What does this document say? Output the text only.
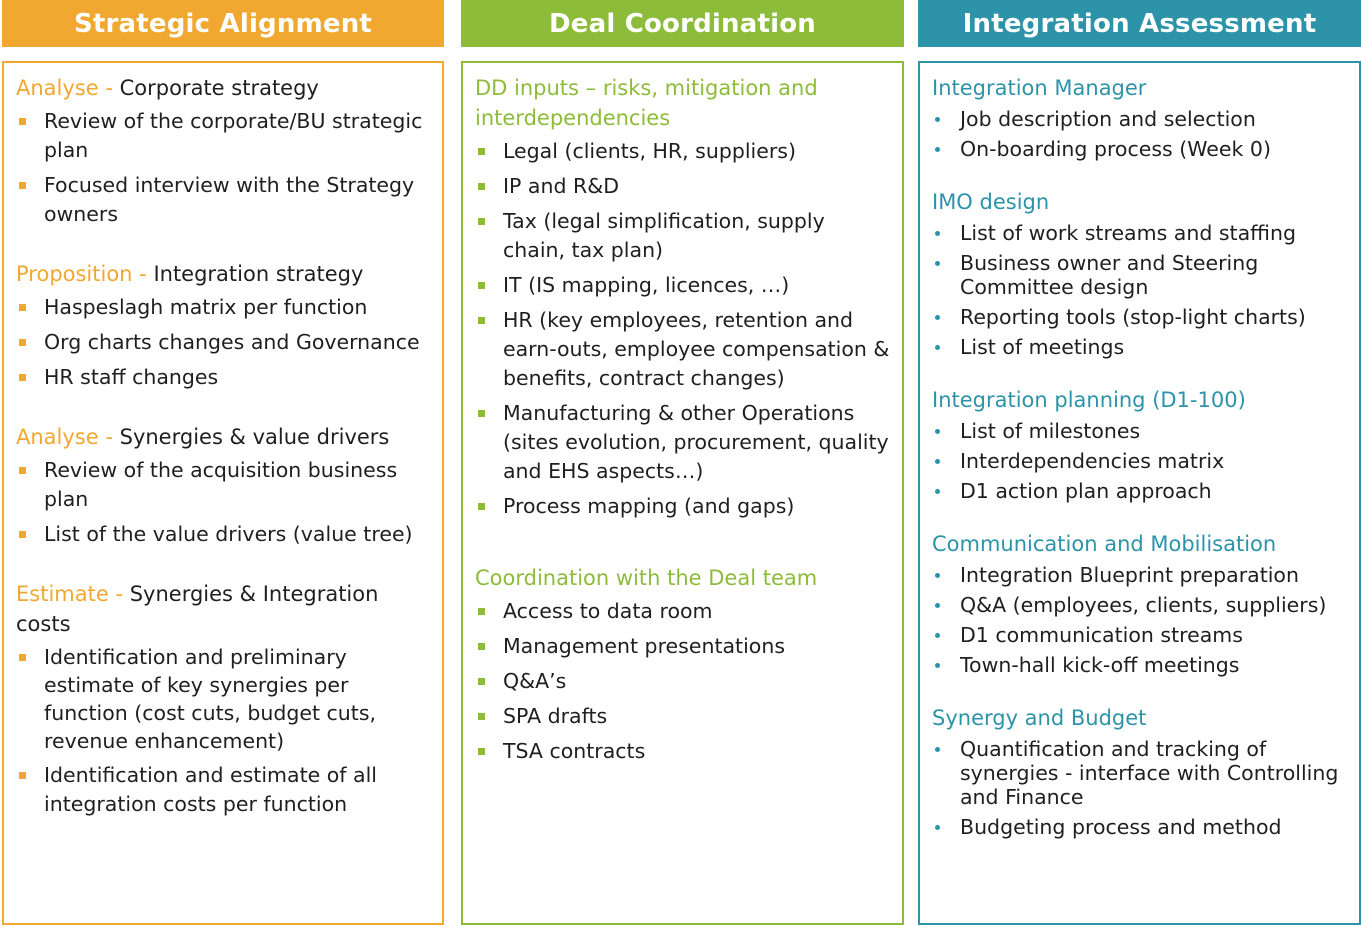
Strategic Alignment
Analyse - Corporate strategy
Review of the corporate/BU strategic plan
Focused interview with the Strategy owners
Proposition - Integration strategy
Haspeslagh matrix per function
Org charts changes and Governance
HR staff changes
Analyse - Synergies & value drivers
Review of the acquisition business plan
List of the value drivers (value tree)
Estimate - Synergies & Integration costs
Identification and preliminary estimate of key synergies per function (cost cuts, budget cuts, revenue enhancement)
Identification and estimate of all integration costs per function
Deal Coordination
DD inputs – risks, mitigation and interdependencies
Legal (clients, HR, suppliers)
IP and R&D
Tax (legal simplification, supply chain, tax plan)
IT (IS mapping, licences, …)
HR (key employees, retention and earn-outs, employee compensation & benefits, contract changes)
Manufacturing & other Operations (sites evolution, procurement, quality and EHS aspects…)
Process mapping (and gaps)
Coordination with the Deal team
Access to data room
Management presentations
Q&A’s
SPA drafts
TSA contracts
Integration Assessment
Integration Manager
Job description and selection
On-boarding process (Week 0)
IMO design
List of work streams and staffing
Business owner and Steering Committee design
Reporting tools (stop-light charts)
List of meetings
Integration planning (D1-100)
List of milestones
Interdependencies matrix
D1 action plan approach
Communication and Mobilisation
Integration Blueprint preparation
Q&A (employees, clients, suppliers)
D1 communication streams
Town-hall kick-off meetings
Synergy and Budget
Quantification and tracking of synergies - interface with Controlling and Finance
Budgeting process and method
